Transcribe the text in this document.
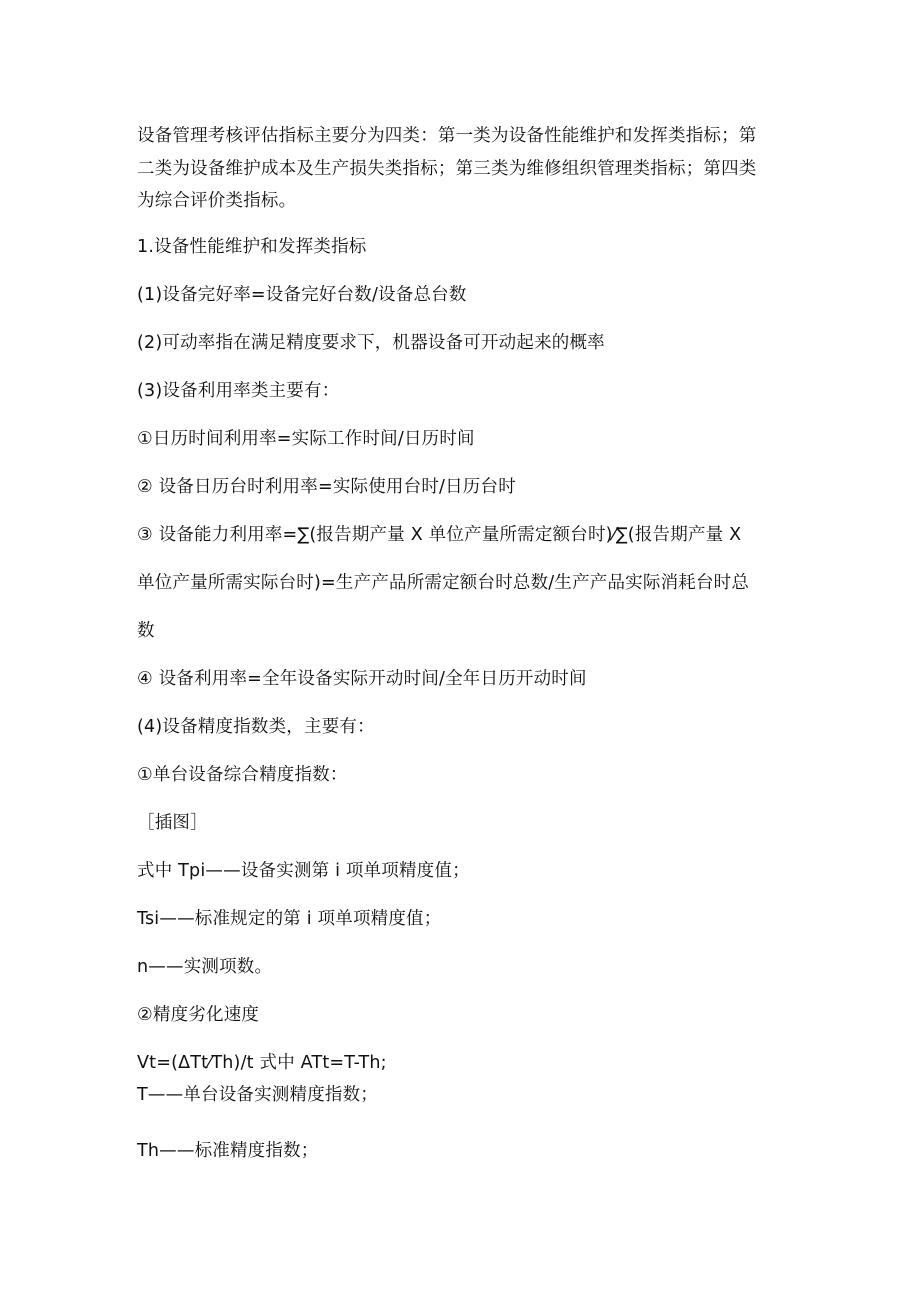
设备管理考核评估指标主要分为四类：第一类为设备性能维护和发挥类指标；第
二类为设备维护成本及生产损失类指标；第三类为维修组织管理类指标；第四类
为综合评价类指标。
1.设备性能维护和发挥类指标
(1)设备完好率=设备完好台数/设备总台数
(2)可动率指在满足精度要求下，机器设备可开动起来的概率
(3)设备利用率类主要有：
①日历时间利用率=实际工作时间/日历时间
② 设备日历台时利用率=实际使用台时/日历台时
③ 设备能力利用率=∑(报告期产量 X 单位产量所需定额台时)⁄∑(报告期产量 X
单位产量所需实际台时)=生产产品所需定额台时总数/生产产品实际消耗台时总
数
④ 设备利用率=全年设备实际开动时间/全年日历开动时间
(4)设备精度指数类，主要有：
①单台设备综合精度指数：
［插图］
式中 Tpi——设备实测第 i 项单项精度值；
Tsi——标准规定的第 i 项单项精度值；
n——实测项数。
②精度劣化速度
Vt=(ΔTt⁄Th)/t 式中 ATt=T-Th;
T——单台设备实测精度指数；
Th——标准精度指数；
